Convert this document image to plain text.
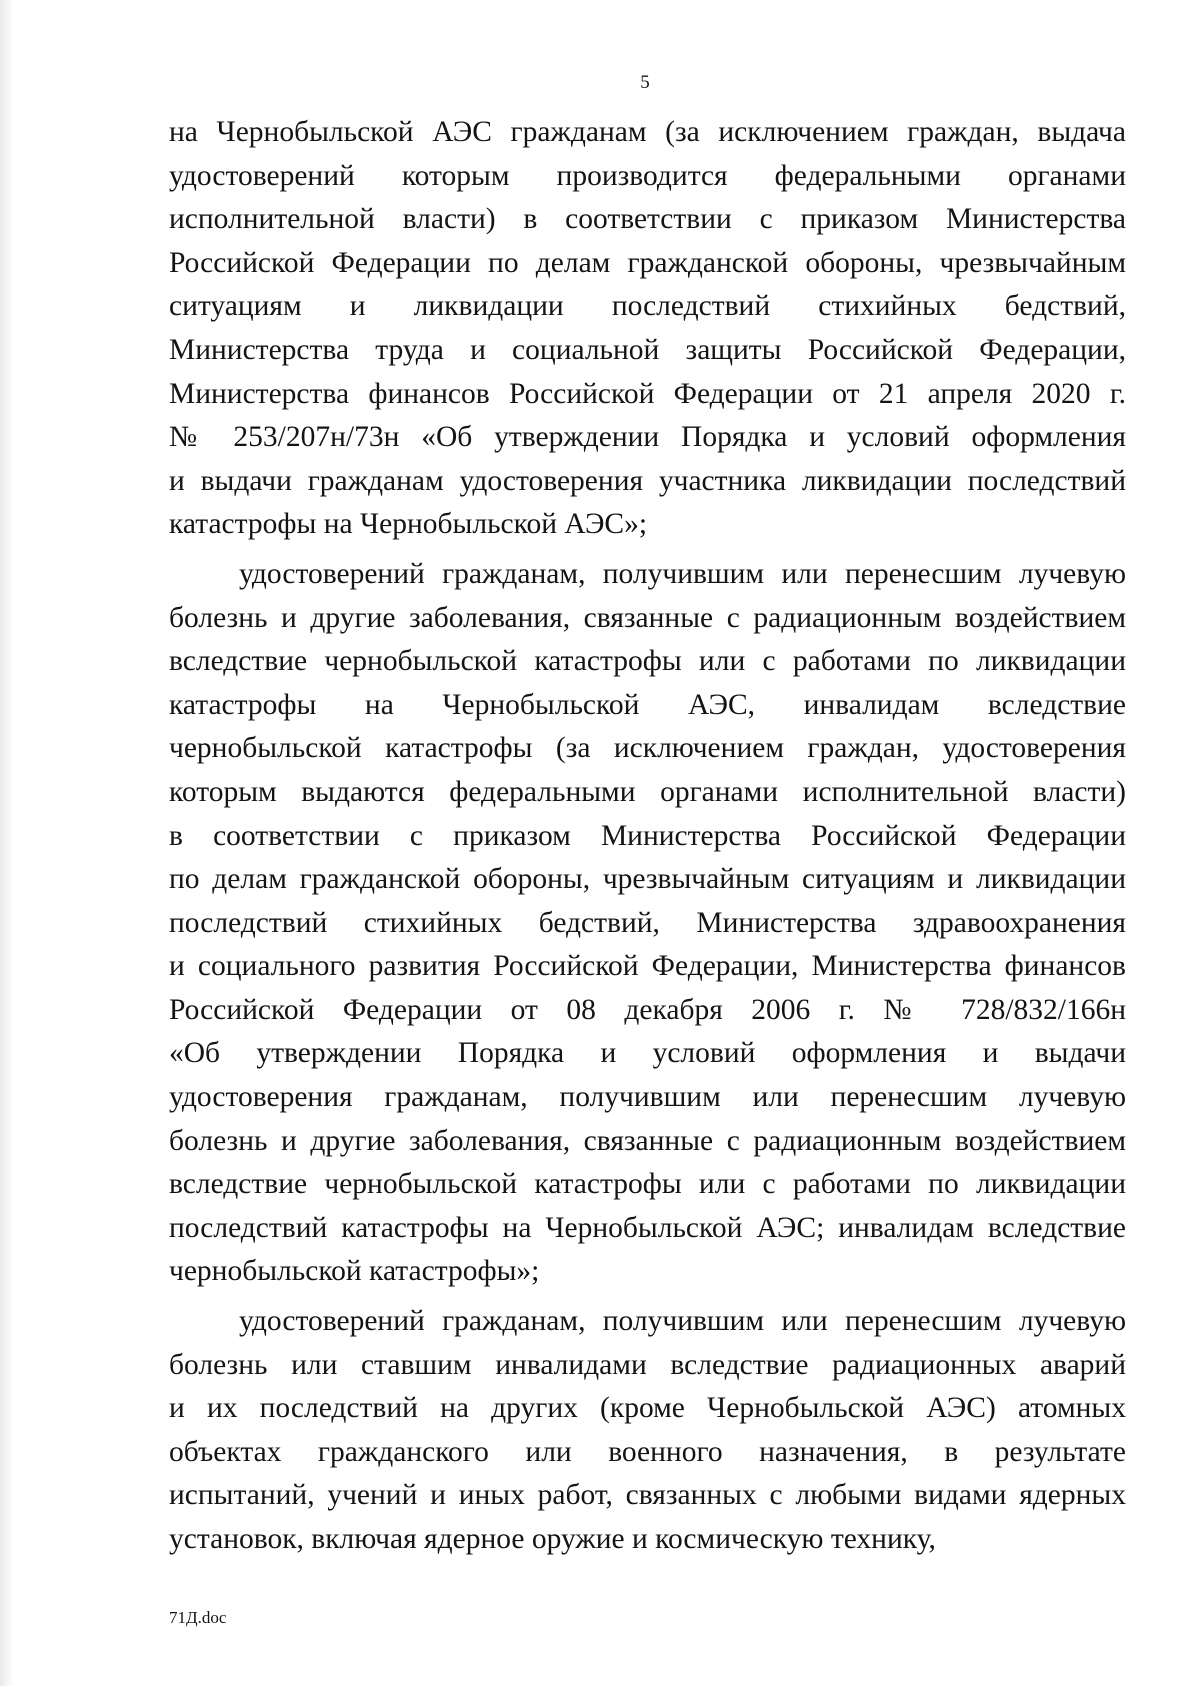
5

на Чернобыльской АЭС гражданам (за исключением граждан, выдача
удостоверений которым производится федеральными органами
исполнительной власти) в соответствии с приказом Министерства
Российской Федерации по делам гражданской обороны, чрезвычайным
ситуациям и ликвидации последствий стихийных бедствий,
Министерства труда и социальной защиты Российской Федерации,
Министерства финансов Российской Федерации от 21 апреля 2020 г.
№ 253/207н/73н «Об утверждении Порядка и условий оформления
и выдачи гражданам удостоверения участника ликвидации последствий
катастрофы на Чернобыльской АЭС»;

удостоверений гражданам, получившим или перенесшим лучевую
болезнь и другие заболевания, связанные с радиационным воздействием
вследствие чернобыльской катастрофы или с работами по ликвидации
катастрофы на Чернобыльской АЭС, инвалидам вследствие
чернобыльской катастрофы (за исключением граждан, удостоверения
которым выдаются федеральными органами исполнительной власти)
в соответствии с приказом Министерства Российской Федерации
по делам гражданской обороны, чрезвычайным ситуациям и ликвидации
последствий стихийных бедствий, Министерства здравоохранения
и социального развития Российской Федерации, Министерства финансов
Российской Федерации от 08 декабря 2006 г. № 728/832/166н
«Об утверждении Порядка и условий оформления и выдачи
удостоверения гражданам, получившим или перенесшим лучевую
болезнь и другие заболевания, связанные с радиационным воздействием
вследствие чернобыльской катастрофы или с работами по ликвидации
последствий катастрофы на Чернобыльской АЭС; инвалидам вследствие
чернобыльской катастрофы»;

удостоверений гражданам, получившим или перенесшим лучевую
болезнь или ставшим инвалидами вследствие радиационных аварий
и их последствий на других (кроме Чернобыльской АЭС) атомных
объектах гражданского или военного назначения, в результате
испытаний, учений и иных работ, связанных с любыми видами ядерных
установок, включая ядерное оружие и космическую технику,

71Д.doc
